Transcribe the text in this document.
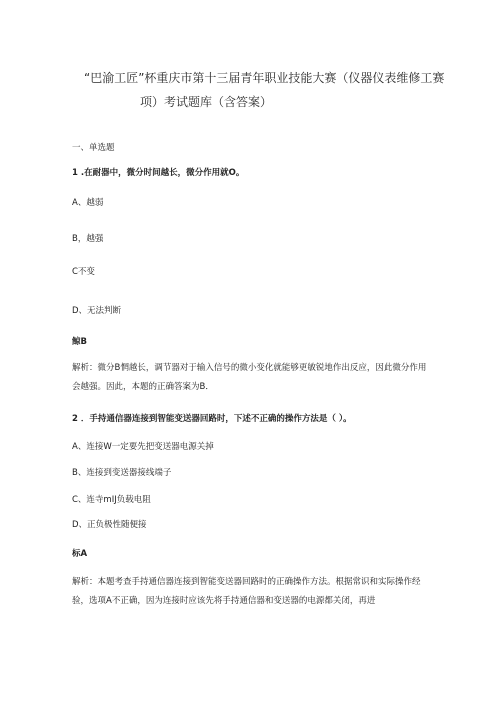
“巴渝工匠”杯重庆市第十三届青年职业技能大赛（仪器仪表维修工赛
项）考试题库（含答案）
一、单选题
1 .在耐器中，微分时间越长，微分作用就O。
A、越弱
B，越强
C不变
D、无法判断
鲸B
解析：微分B惘越长，调节器对于输入信号的微小变化就能够更敏锐地作出反应，因此微分作用会越强。因此，本题的正确答案为B．
2 ．手持通信器连接到智能变送器回路时，下述不正确的操作方法是（ ）。
A、连接W一定要先把变送器电源关掉
B、连接到变送器接线端子
C、连寺mIJ负载电阻
D、正负极性随便接
标A
解析：本题考查手持通信器连接到智能变送器回路时的正确操作方法。根据常识和实际操作经验，选项A不正确，因为连接时应该先将手持通信器和变送器的电源都关闭，再进
